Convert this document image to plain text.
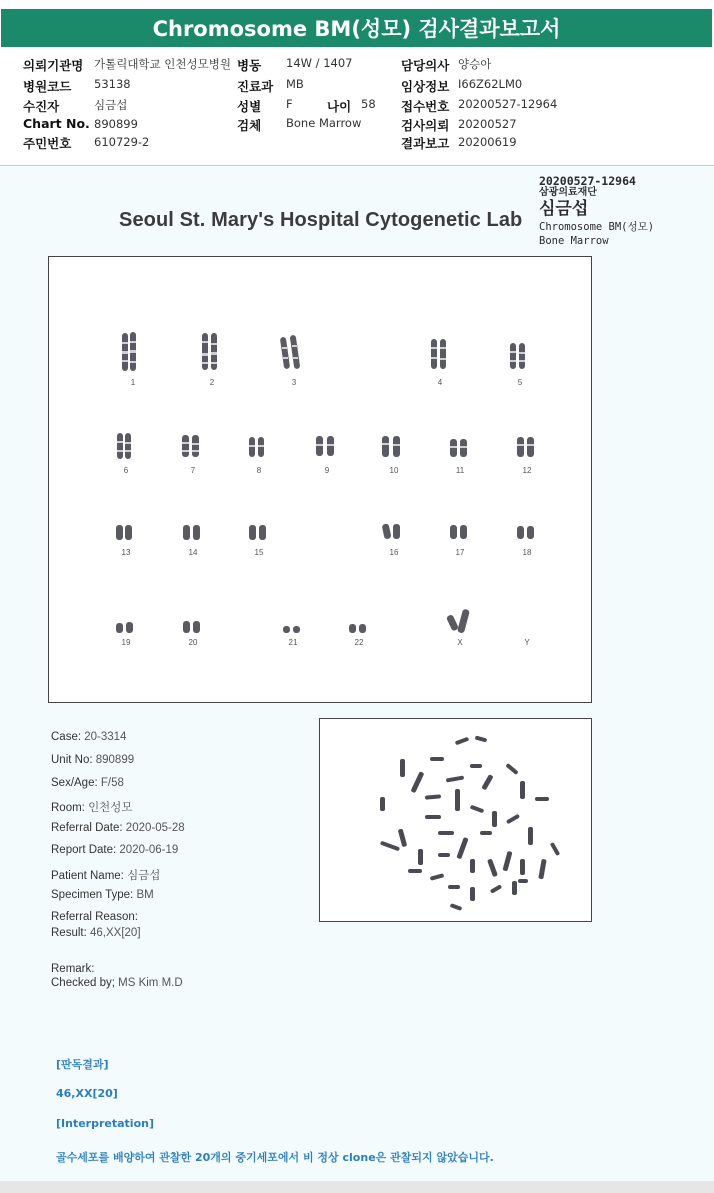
Chromosome BM(성모) 검사결과보고서
의뢰기관명 가톨릭대학교 인천성모병원
병원코드 53138
수진자	심금섭
Chart No. 890899
주민번호 610729-2
병동 14W / 1407
진료과 MB
성별 F	나이 58
검체 Bone Marrow
담당의사 양승아
임상정보 I66Z62LM0
접수번호 20200527-12964
검사의뢰 20200527
결과보고 20200619
20200527-12964
삼광의료재단
심금섭
Chromosome BM(성모)
Bone Marrow
Seoul St. Mary's Hospital Cytogenetic Lab
1	2	3	4	5
6	7	8	9	10	11	12
13	14	15	16	17	18
19	20	21	22	X	Y
Case: 20-3314
Unit No: 890899
Sex/Age: F/58
Room: 인천성모
Referral Date: 2020-05-28
Report Date: 2020-06-19
Patient Name: 심금섭
Specimen Type: BM
Referral Reason:
Result: 46,XX[20]
Remark:
Checked by; MS Kim M.D
[판독결과]
46,XX[20]
[Interpretation]
골수세포를 배양하여 관찰한 20개의 중기세포에서 비 정상 clone은 관찰되지 않았습니다.
